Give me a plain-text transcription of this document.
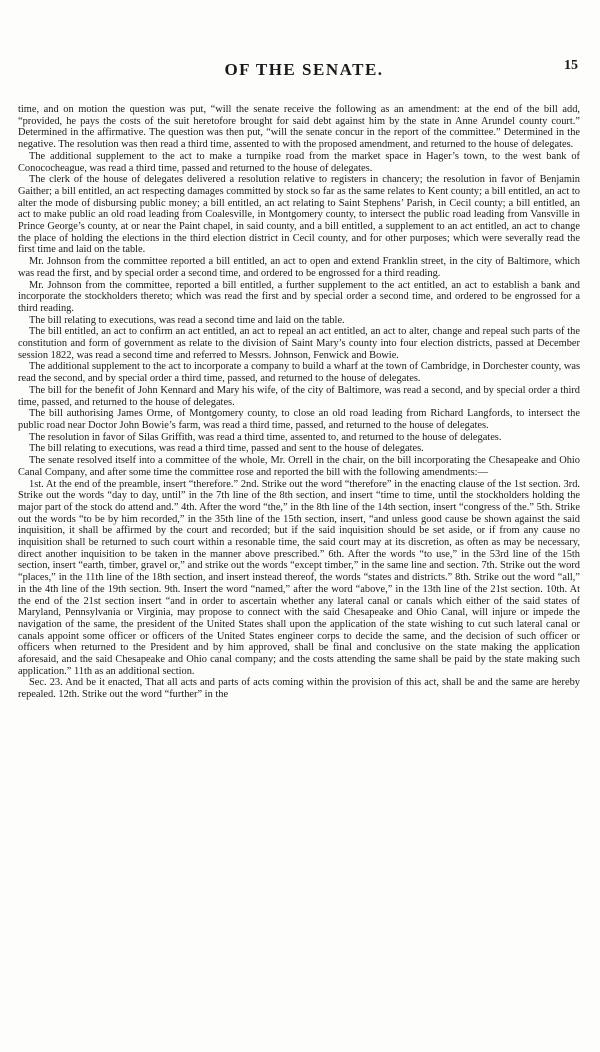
OF THE SENATE.	15

time, and on motion the question was put, “will the senate receive the following as an amendment: at the end of the bill add, “provided, he pays the costs of the suit heretofore brought for said debt against him by the state in Anne Arundel county court.” Determined in the affirmative. The question was then put, “will the senate concur in the report of the committee.” Determined in the negative. The resolution was then read a third time, assented to with the proposed amendment, and returned to the house of delegates.

The additional supplement to the act to make a turnpike road from the market space in Hager’s town, to the west bank of Conococheague, was read a third time, passed and returned to the house of delegates.

The clerk of the house of delegates delivered a resolution relative to registers in chancery; the resolution in favor of Benjamin Gaither; a bill entitled, an act respecting damages committed by stock so far as the same relates to Kent county; a bill entitled, an act to alter the mode of disbursing public money; a bill entitled, an act relating to Saint Stephens’ Parish, in Cecil county; a bill entitled, an act to make public an old road leading from Coalesville, in Montgomery county, to intersect the public road leading from Vansville in Prince George’s county, at or near the Paint chapel, in said county, and a bill entitled, a supplement to an act entitled, an act to change the place of holding the elections in the third election district in Cecil county, and for other purposes; which were severally read the first time and laid on the table.

Mr. Johnson from the committee reported a bill entitled, an act to open and extend Franklin street, in the city of Baltimore, which was read the first, and by special order a second time, and ordered to be engrossed for a third reading.

Mr. Johnson from the committee, reported a bill entitled, a further supplement to the act entitled, an act to establish a bank and incorporate the stockholders thereto; which was read the first and by special order a second time, and ordered to be engrossed for a third reading.

The bill relating to executions, was read a second time and laid on the table.

The bill entitled, an act to confirm an act entitled, an act to repeal an act entitled, an act to alter, change and repeal such parts of the constitution and form of government as relate to the division of Saint Mary’s county into four election districts, passed at December session 1822, was read a second time and referred to Messrs. Johnson, Fenwick and Bowie.

The additional supplement to the act to incorporate a company to build a wharf at the town of Cambridge, in Dorchester county, was read the second, and by special order a third time, passed, and returned to the house of delegates.

The bill for the benefit of John Kennard and Mary his wife, of the city of Baltimore, was read a second, and by special order a third time, passed, and returned to the house of delegates.

The bill authorising James Orme, of Montgomery county, to close an old road leading from Richard Langfords, to intersect the public road near Doctor John Bowie’s farm, was read a third time, passed, and returned to the house of delegates.

The resolution in favor of Silas Griffith, was read a third time, assented to, and returned to the house of delegates.

The bill relating to executions, was read a third time, passed and sent to the house of delegates.

The senate resolved itself into a committee of the whole, Mr. Orrell in the chair, on the bill incorporating the Chesapeake and Ohio Canal Company, and after some time the committee rose and reported the bill with the following amendments:—

1st. At the end of the preamble, insert “therefore.” 2nd. Strike out the word “therefore” in the enacting clause of the 1st section. 3rd. Strike out the words “day to day, until” in the 7th line of the 8th section, and insert “time to time, until the stockholders holding the major part of the stock do attend and.” 4th. After the word “the,” in the 8th line of the 14th section, insert “congress of the.” 5th. Strike out the words “to be by him recorded,” in the 35th line of the 15th section, insert, “and unless good cause be shown against the said inquisition, it shall be affirmed by the court and recorded; but if the said inquisition should be set aside, or if from any cause no inquisition shall be returned to such court within a resonable time, the said court may at its discretion, as often as may be necessary, direct another inquisition to be taken in the manner above prescribed.” 6th. After the words “to use,” in the 53rd line of the 15th section, insert “earth, timber, gravel or,” and strike out the words “except timber,” in the same line and section. 7th. Strike out the word “places,” in the 11th line of the 18th section, and insert instead thereof, the words “states and districts.” 8th. Strike out the word “all,” in the 4th line of the 19th section. 9th. Insert the word “named,” after the word “above,” in the 13th line of the 21st section. 10th. At the end of the 21st section insert “and in order to ascertain whether any lateral canal or canals which either of the said states of Maryland, Pennsylvania or Virginia, may propose to connect with the said Chesapeake and Ohio Canal, will injure or impede the navigation of the same, the president of the United States shall upon the application of the state wishing to cut such lateral canal or canals appoint some officer or officers of the United States engineer corps to decide the same, and the decision of such officer or officers when returned to the President and by him approved, shall be final and conclusive on the state making the application aforesaid, and the said Chesapeake and Ohio canal company; and the costs attending the same shall be paid by the state making such application.” 11th as an additional section.

Sec. 23. And be it enacted, That all acts and parts of acts coming within the provision of this act, shall be and the same are hereby repealed. 12th. Strike out the word “further” in the
